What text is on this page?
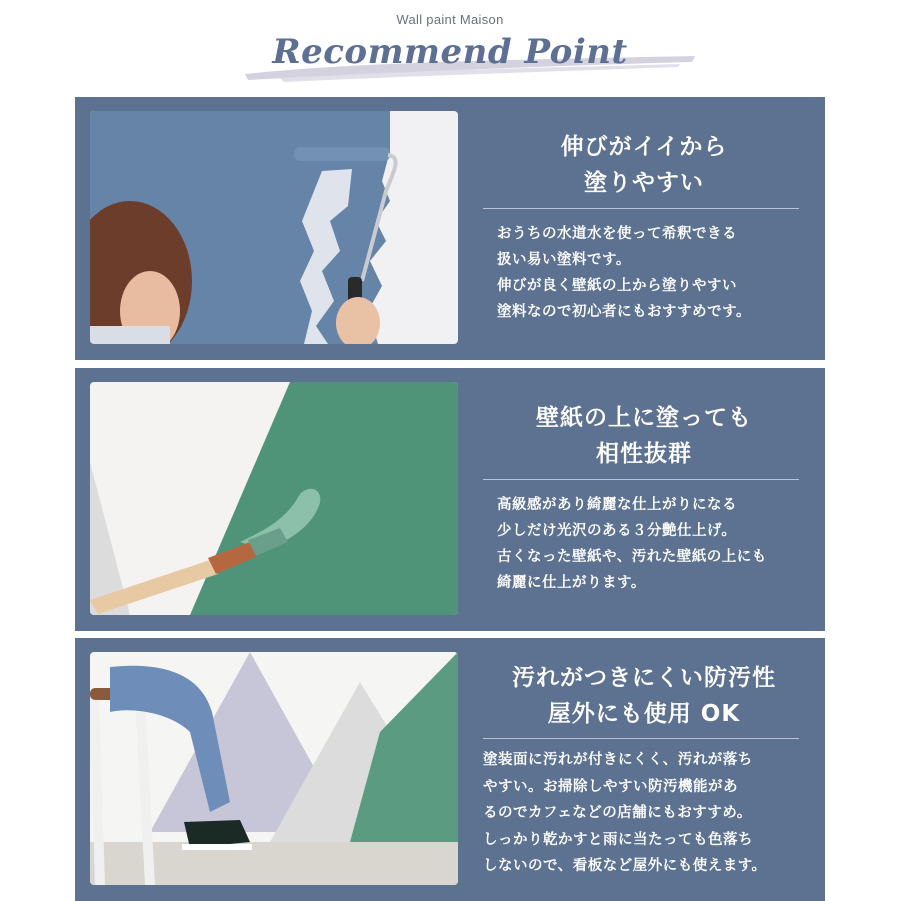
Wall paint Maison
Recommend Point
伸びがイイから
塗りやすい
おうちの水道水を使って希釈できる
扱い易い塗料です。
伸びが良く壁紙の上から塗りやすい
塗料なので初心者にもおすすめです。
壁紙の上に塗っても
相性抜群
高級感があり綺麗な仕上がりになる
少しだけ光沢のある３分艶仕上げ。
古くなった壁紙や、汚れた壁紙の上にも
綺麗に仕上がります。
汚れがつきにくい防汚性
屋外にも使用 OK
塗装面に汚れが付きにくく、汚れが落ち
やすい。お掃除しやすい防汚機能があ
るのでカフェなどの店舗にもおすすめ。
しっかり乾かすと雨に当たっても色落ち
しないので、看板など屋外にも使えます。
